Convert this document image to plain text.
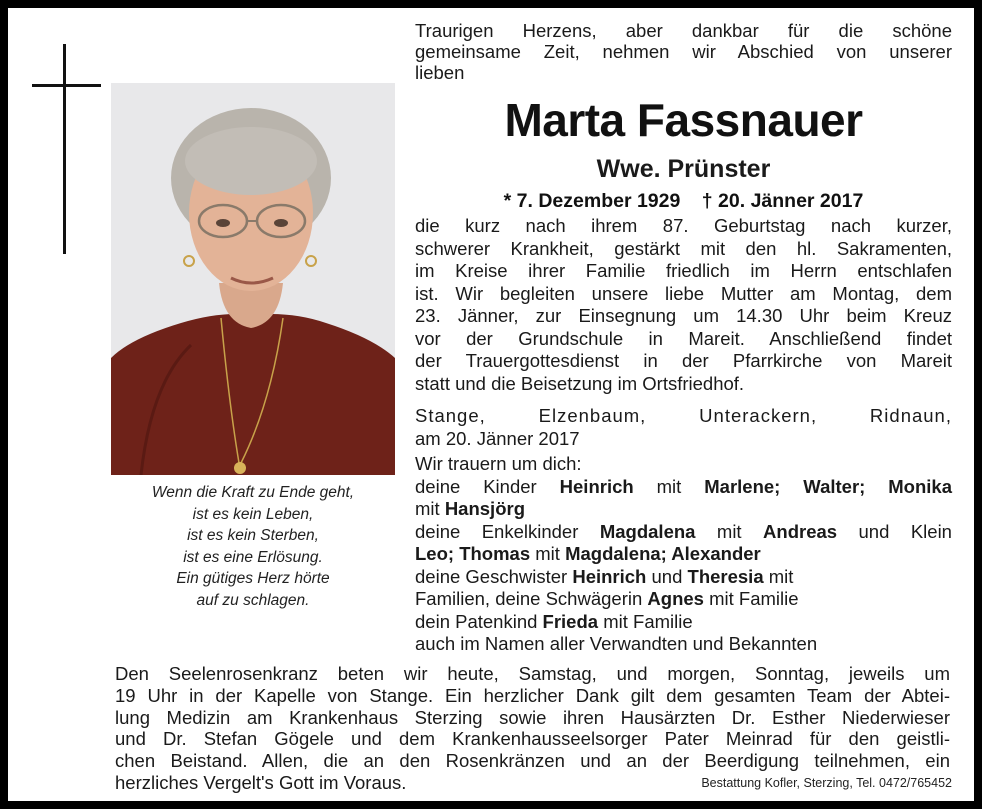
Wenn die Kraft zu Ende geht,
ist es kein Leben,
ist es kein Sterben,
ist es eine Erlösung.
Ein gütiges Herz hörte
auf zu schlagen.
Traurigen Herzens, aber dankbar für die schöne
gemeinsame Zeit, nehmen wir Abschied von unserer
lieben
Marta Fassnauer
Wwe. Prünster
* 7. Dezember 1929 † 20. Jänner 2017
die kurz nach ihrem 87. Geburtstag nach kurzer,
schwerer Krankheit, gestärkt mit den hl. Sakramenten,
im Kreise ihrer Familie friedlich im Herrn entschlafen
ist. Wir begleiten unsere liebe Mutter am Montag, dem
23. Jänner, zur Einsegnung um 14.30 Uhr beim Kreuz
vor der Grundschule in Mareit. Anschließend findet
der Trauergottesdienst in der Pfarrkirche von Mareit
statt und die Beisetzung im Ortsfriedhof.
Stange, Elzenbaum, Unterackern, Ridnaun,
am 20. Jänner 2017
Wir trauern um dich:
deine Kinder Heinrich mit Marlene; Walter; Monika
mit Hansjörg
deine Enkelkinder Magdalena mit Andreas und Klein
Leo; Thomas mit Magdalena; Alexander
deine Geschwister Heinrich und Theresia mit
Familien, deine Schwägerin Agnes mit Familie
dein Patenkind Frieda mit Familie
auch im Namen aller Verwandten und Bekannten
Den Seelenrosenkranz beten wir heute, Samstag, und morgen, Sonntag, jeweils um
19 Uhr in der Kapelle von Stange. Ein herzlicher Dank gilt dem gesamten Team der Abtei-
lung Medizin am Krankenhaus Sterzing sowie ihren Hausärzten Dr. Esther Niederwieser
und Dr. Stefan Gögele und dem Krankenhausseelsorger Pater Meinrad für den geistli-
chen Beistand. Allen, die an den Rosenkränzen und an der Beerdigung teilnehmen, ein
herzliches Vergelt's Gott im Voraus.	Bestattung Kofler, Sterzing, Tel. 0472/765452
